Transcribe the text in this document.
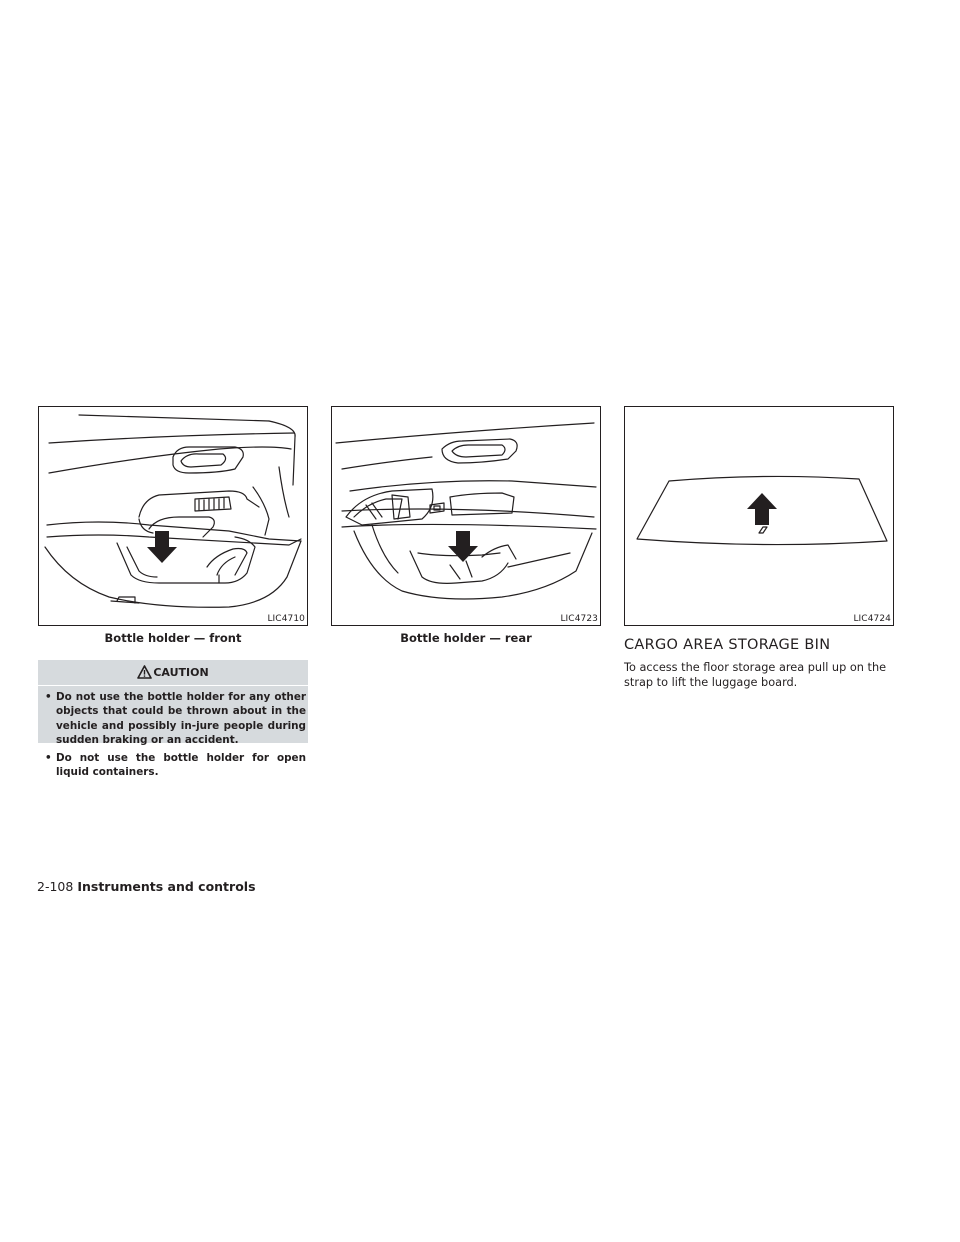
LIC4710
Bottle holder — front
LIC4723
Bottle holder — rear
LIC4724
CAUTION
• Do not use the bottle holder for any other objects that could be thrown about in the vehicle and possibly in-jure people during sudden braking or an accident.
• Do not use the bottle holder for open liquid containers.
CARGO AREA STORAGE BIN
To access the floor storage area pull up on the strap to lift the luggage board.
2-108 Instruments and controls
